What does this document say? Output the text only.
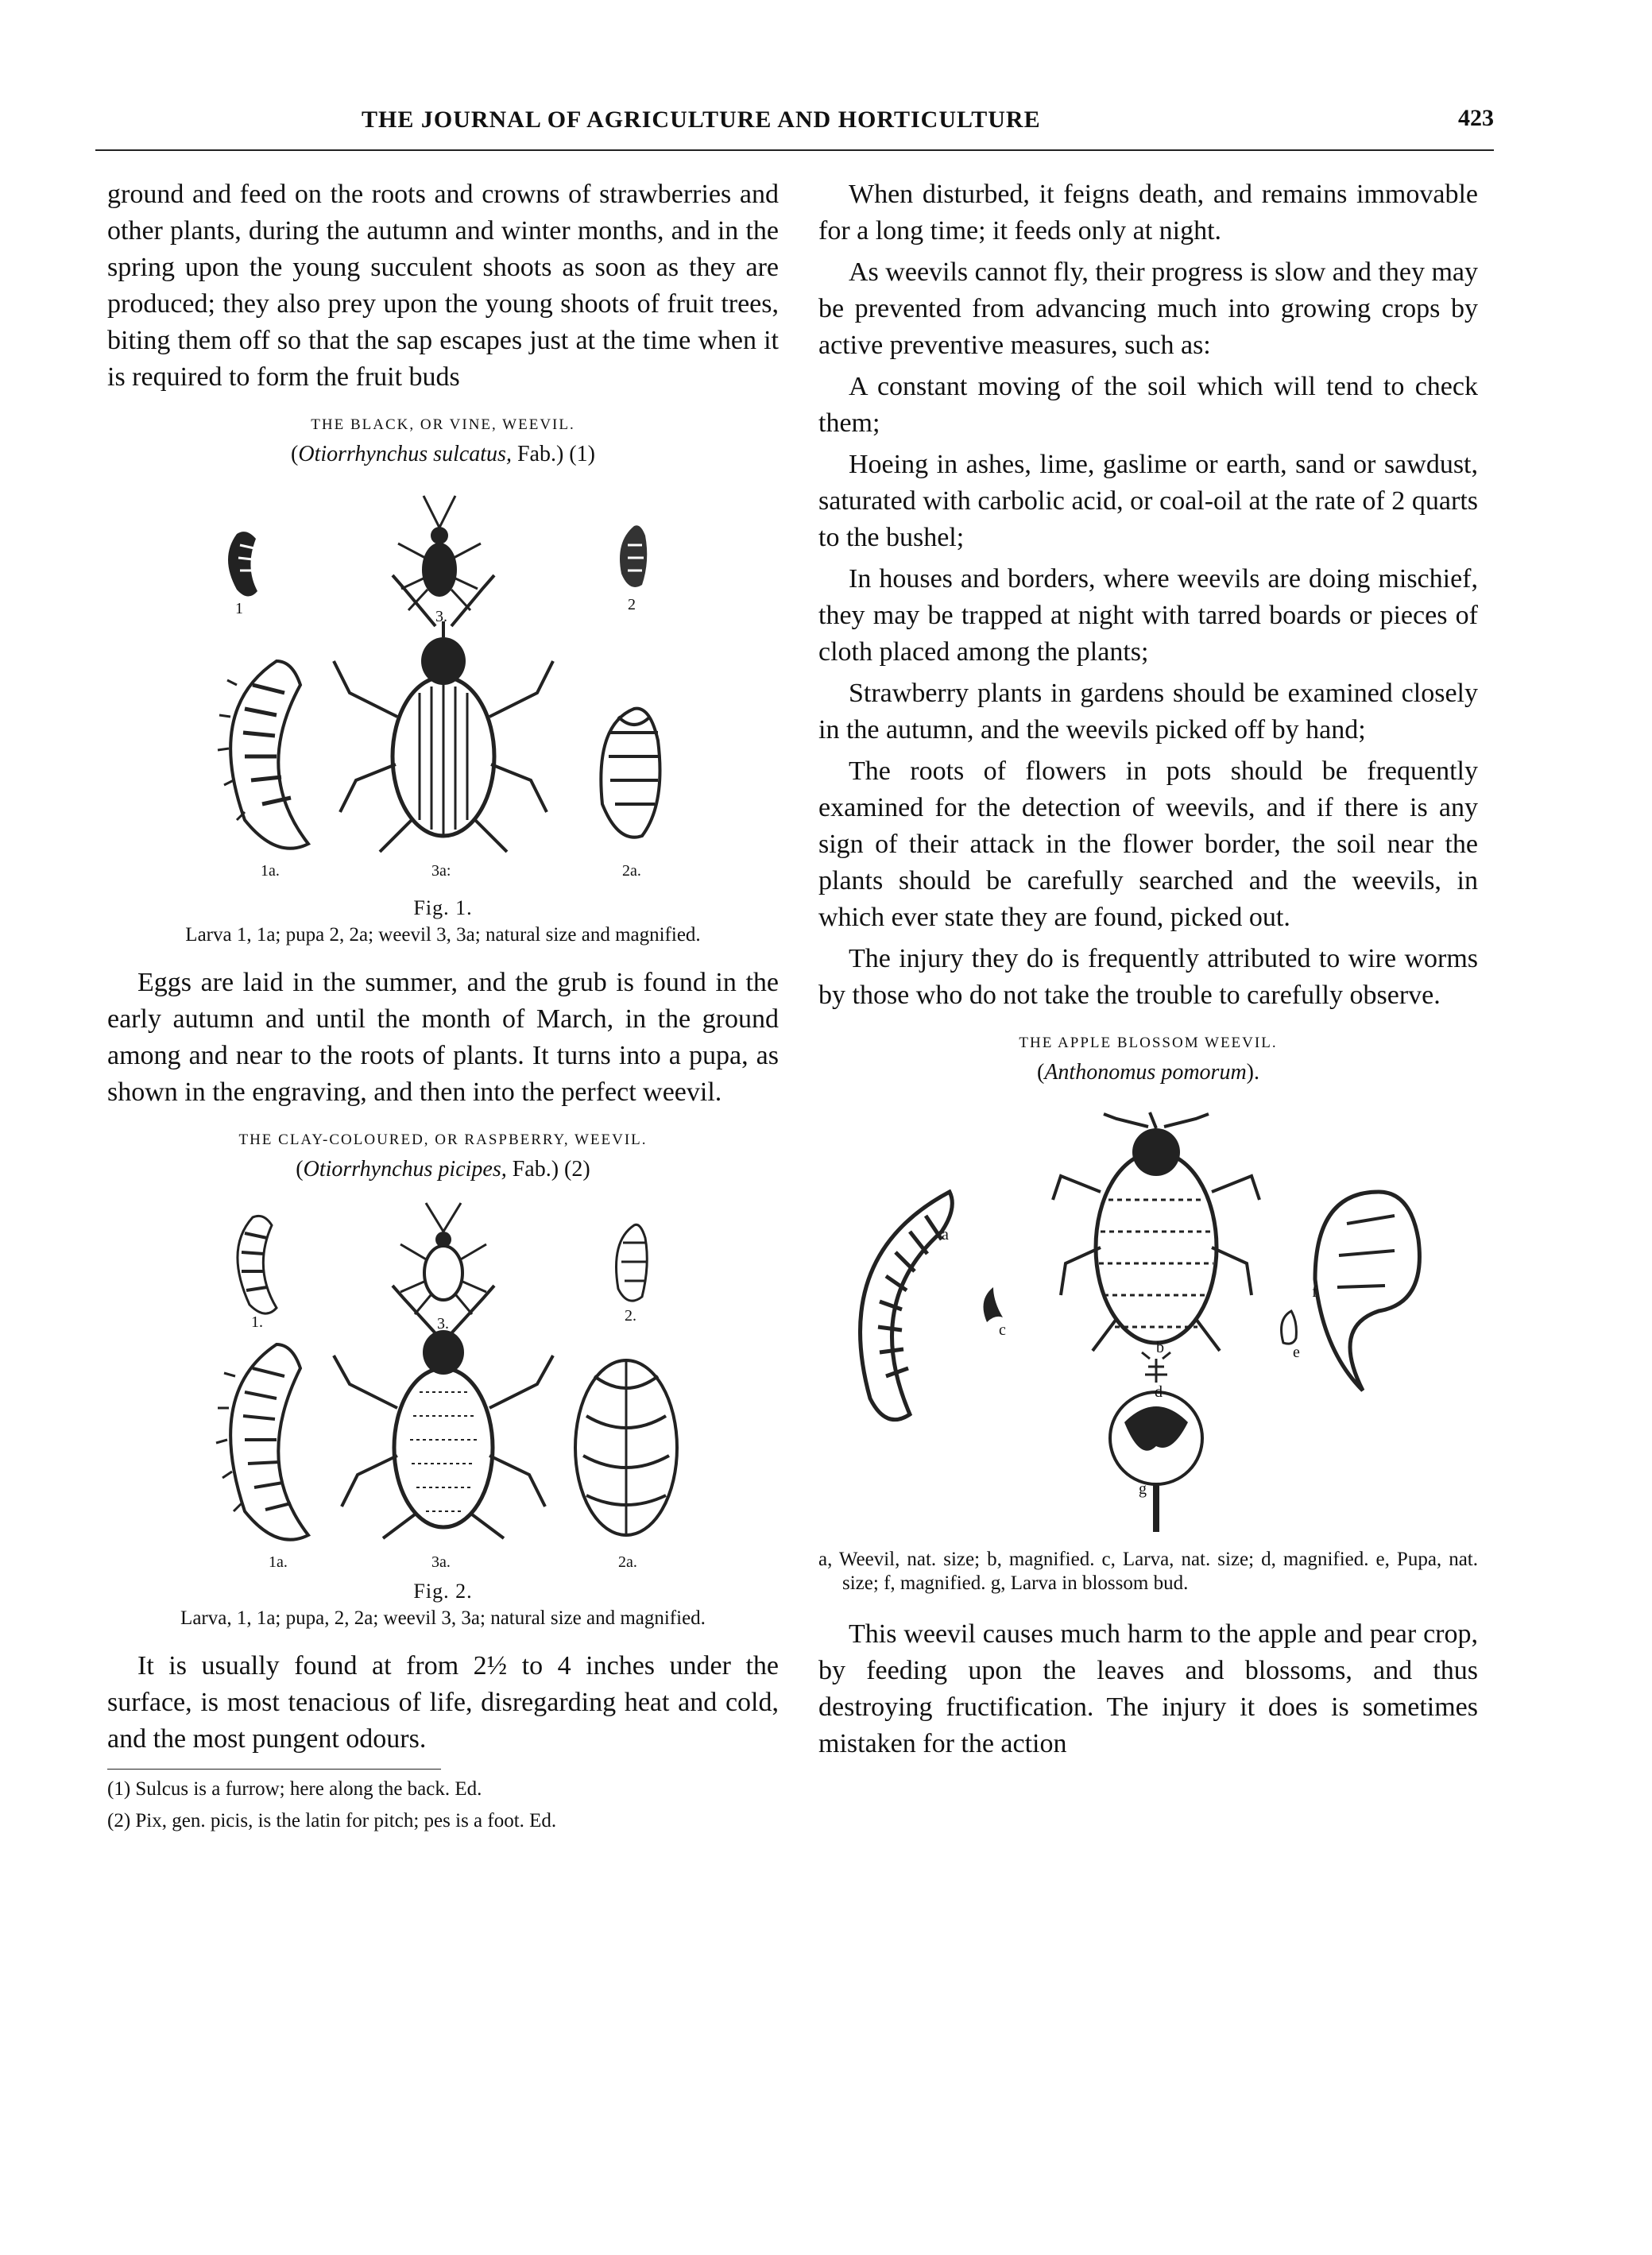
THE JOURNAL OF AGRICULTURE AND HORTICULTURE	423

ground and feed on the roots and crowns of strawberries and other plants, during the autumn and winter months, and in the spring upon the young succulent shoots as soon as they are produced; they also prey upon the young shoots of fruit trees, biting them off so that the sap escapes just at the time when it is required to form the fruit buds

THE BLACK, OR VINE, WEEVIL.
(Otiorrhynchus sulcatus, Fab.) (1)
1	3.
2
1a.	3a:	2a.
Fig. 1.
Larva 1, 1a; pupa 2, 2a; weevil 3, 3a; natural size and magnified.

Eggs are laid in the summer, and the grub is found in the early autumn and until the month of March, in the ground among and near to the roots of plants. It turns into a pupa, as shown in the engraving, and then into the perfect weevil.

THE CLAY-COLOURED, OR RASPBERRY, WEEVIL.
(Otiorrhynchus picipes, Fab.) (2)
1.	3.	2.
1a.	3a.	2a.
Fig. 2.
Larva, 1, 1a; pupa, 2, 2a; weevil 3, 3a; natural size and magnified.

It is usually found at from 2½ to 4 inches under the surface, is most tenacious of life, disregarding heat and cold, and the most pungent odours.

(1) Sulcus is a furrow; here along the back. Ed.
(2) Pix, gen. picis, is the latin for pitch; pes is a foot. Ed.

When disturbed, it feigns death, and remains immovable for a long time; it feeds only at night.

As weevils cannot fly, their progress is slow and they may be prevented from advancing much into growing crops by active preventive measures, such as:

A constant moving of the soil which will tend to check them;

Hoeing in ashes, lime, gaslime or earth, sand or sawdust, saturated with carbolic acid, or coal-oil at the rate of 2 quarts to the bushel;

In houses and borders, where weevils are doing mischief, they may be trapped at night with tarred boards or pieces of cloth placed among the plants;

Strawberry plants in gardens should be examined closely in the autumn, and the weevils picked off by hand;

The roots of flowers in pots should be frequently examined for the detection of weevils, and if there is any sign of their attack in the flower border, the soil near the plants should be carefully searched and the weevils, in which ever state they are found, picked out.

The injury they do is frequently attributed to wire worms by those who do not take the trouble to carefully observe.

THE APPLE BLOSSOM WEEVIL.
(Anthonomus pomorum).
a
c
b
d
f
e
g
a, Weevil, nat. size; b, magnified. c, Larva, nat. size; d, magnified. e, Pupa, nat. size; f, magnified. g, Larva in blossom bud.

This weevil causes much harm to the apple and pear crop, by feeding upon the leaves and blossoms, and thus destroying fructification. The injury it does is sometimes mistaken for the action
